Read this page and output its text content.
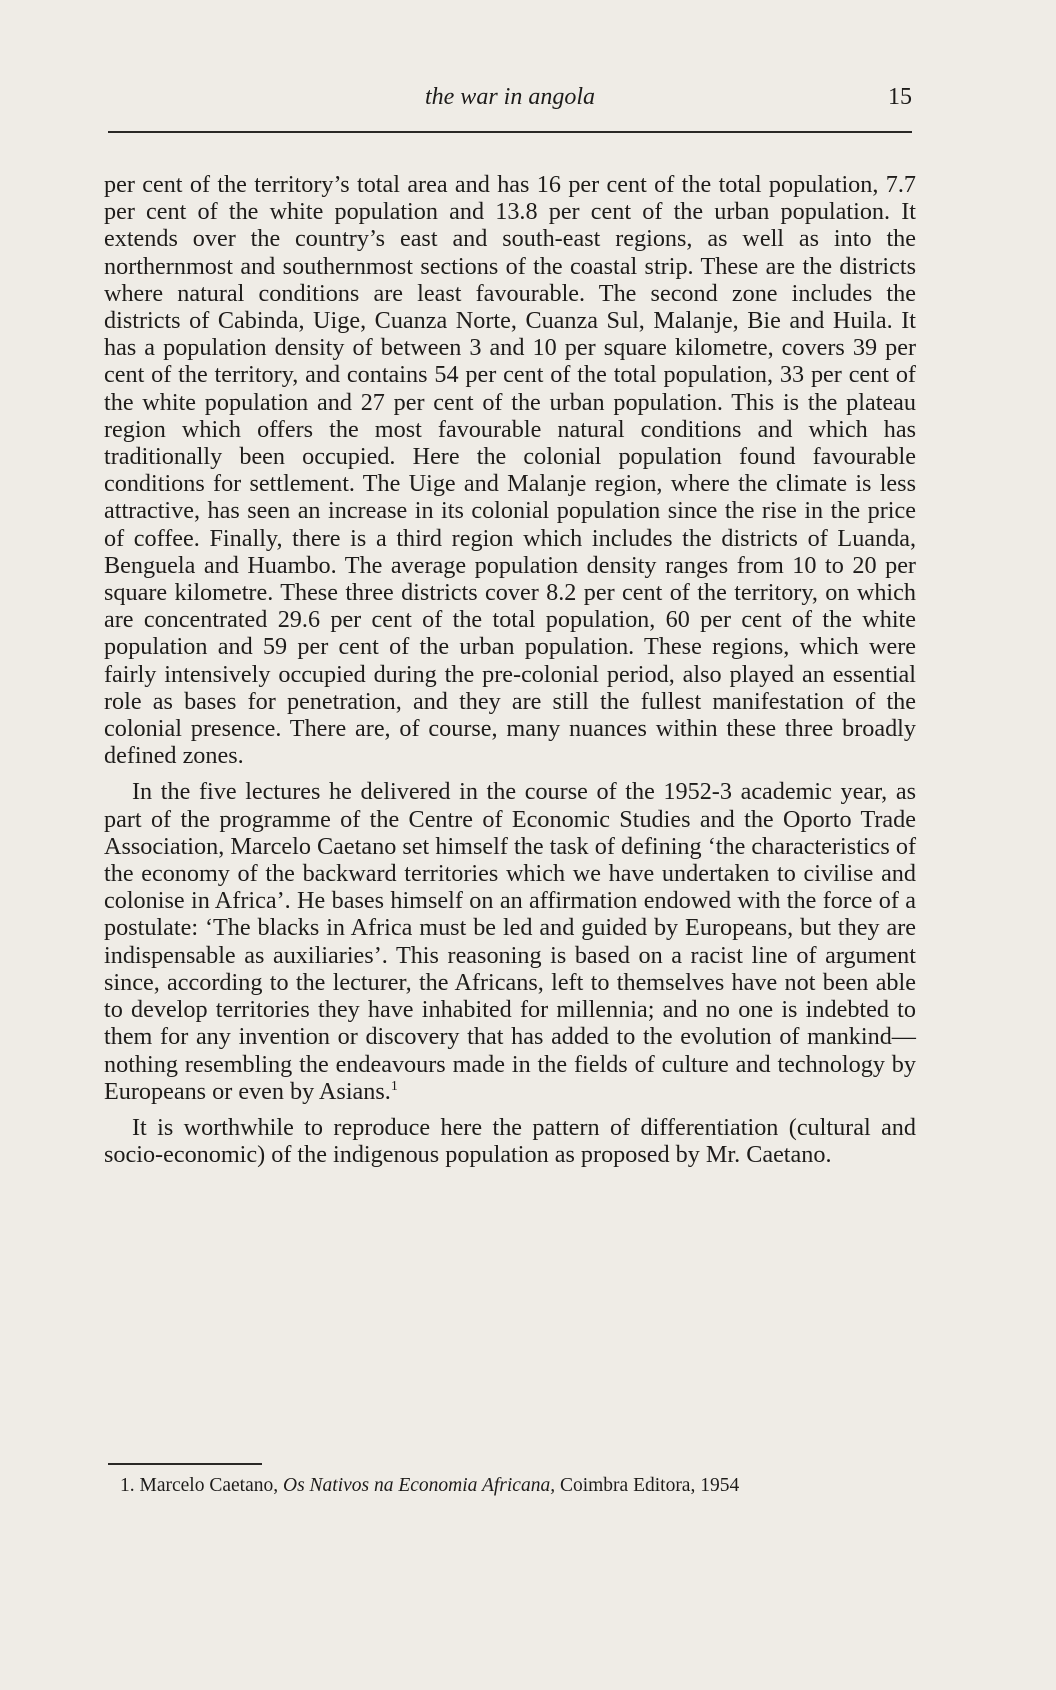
the war in angola	15

per cent of the territory’s total area and has 16 per cent of the total population, 7.7 per cent of the white population and 13.8 per cent of the urban population. It extends over the country’s east and south-east regions, as well as into the northernmost and southernmost sections of the coastal strip. These are the districts where natural conditions are least favourable. The second zone includes the districts of Cabinda, Uige, Cuanza Norte, Cuanza Sul, Malanje, Bie and Huila. It has a population density of between 3 and 10 per square kilometre, covers 39 per cent of the territory, and contains 54 per cent of the total population, 33 per cent of the white population and 27 per cent of the urban population. This is the plateau region which offers the most favourable natural conditions and which has traditionally been occupied. Here the colonial population found favourable conditions for settlement. The Uige and Malanje region, where the climate is less attractive, has seen an increase in its colonial population since the rise in the price of coffee. Finally, there is a third region which includes the districts of Luanda, Benguela and Huambo. The average population density ranges from 10 to 20 per square kilometre. These three districts cover 8.2 per cent of the territory, on which are concentrated 29.6 per cent of the total population, 60 per cent of the white population and 59 per cent of the urban population. These regions, which were fairly intensively occupied during the pre-colonial period, also played an essential role as bases for penetration, and they are still the fullest manifestation of the colonial presence. There are, of course, many nuances within these three broadly defined zones.

In the five lectures he delivered in the course of the 1952-3 academic year, as part of the programme of the Centre of Economic Studies and the Oporto Trade Association, Marcelo Caetano set himself the task of defining ‘the characteristics of the economy of the backward territories which we have undertaken to civilise and colonise in Africa’. He bases himself on an affirmation endowed with the force of a postulate: ‘The blacks in Africa must be led and guided by Europeans, but they are indispensable as auxiliaries’. This reasoning is based on a racist line of argument since, according to the lecturer, the Africans, left to themselves have not been able to develop territories they have inhabited for millennia; and no one is indebted to them for any invention or discovery that has added to the evolution of mankind—nothing resembling the endeavours made in the fields of culture and technology by Europeans or even by Asians.$^1$

It is worthwhile to reproduce here the pattern of differentiation (cultural and socio-economic) of the indigenous population as proposed by Mr. Caetano.

1. Marcelo Caetano, Os Nativos na Economia Africana, Coimbra Editora, 1954
